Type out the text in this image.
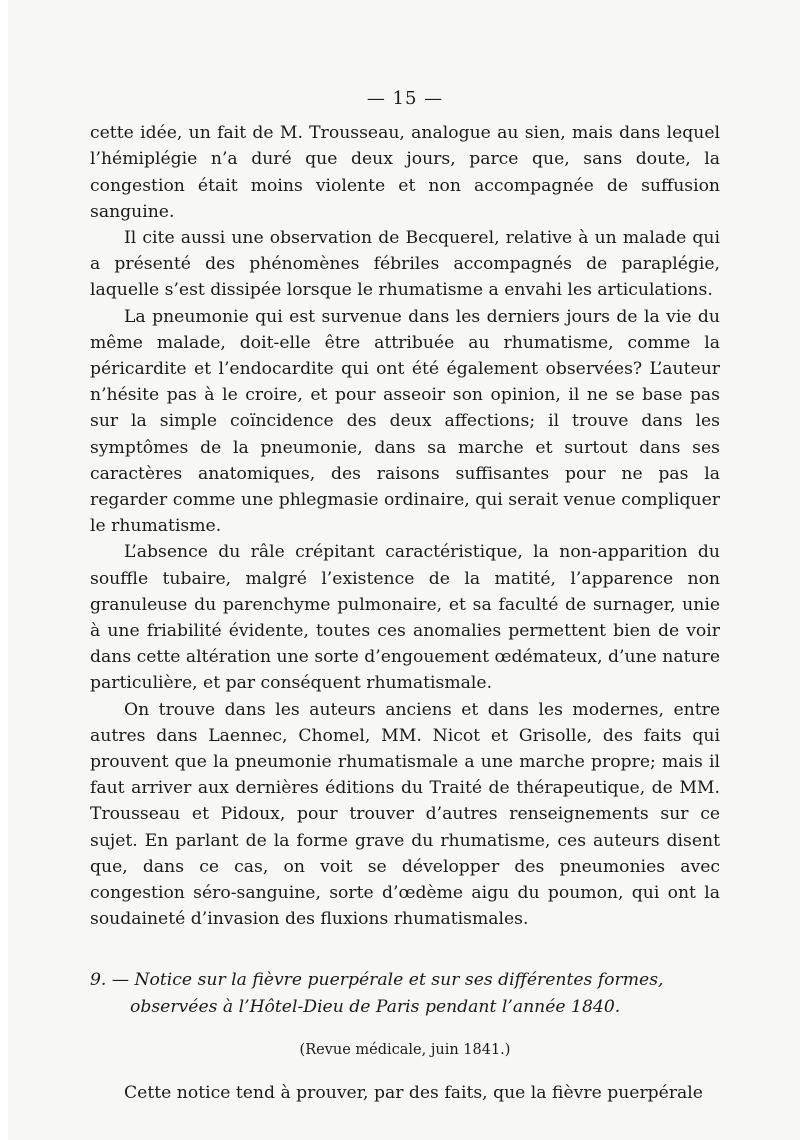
— 15 —

cette idée, un fait de M. Trousseau, analogue au sien, mais dans lequel l’hémiplégie n’a duré que deux jours, parce que, sans doute, la congestion était moins violente et non accompagnée de suffusion sanguine.

Il cite aussi une observation de Becquerel, relative à un malade qui a présenté des phénomènes fébriles accompagnés de paraplégie, laquelle s’est dissipée lorsque le rhumatisme a envahi les articulations.

La pneumonie qui est survenue dans les derniers jours de la vie du même malade, doit-elle être attribuée au rhumatisme, comme la péricardite et l’endocardite qui ont été également observées? L’auteur n’hésite pas à le croire, et pour asseoir son opinion, il ne se base pas sur la simple coïncidence des deux affections; il trouve dans les symptômes de la pneumonie, dans sa marche et surtout dans ses caractères anatomiques, des raisons suffisantes pour ne pas la regarder comme une phlegmasie ordinaire, qui serait venue compliquer le rhumatisme.

L’absence du râle crépitant caractéristique, la non-apparition du souffle tubaire, malgré l’existence de la matité, l’apparence non granuleuse du parenchyme pulmonaire, et sa faculté de surnager, unie à une friabilité évidente, toutes ces anomalies permettent bien de voir dans cette altération une sorte d’engouement œdémateux, d’une nature particulière, et par conséquent rhumatismale.

On trouve dans les auteurs anciens et dans les modernes, entre autres dans Laennec, Chomel, MM. Nicot et Grisolle, des faits qui prouvent que la pneumonie rhumatismale a une marche propre; mais il faut arriver aux dernières éditions du Traité de thérapeutique, de MM. Trousseau et Pidoux, pour trouver d’autres renseignements sur ce sujet. En parlant de la forme grave du rhumatisme, ces auteurs disent que, dans ce cas, on voit se développer des pneumonies avec congestion séro-sanguine, sorte d’œdème aigu du poumon, qui ont la soudaineté d’invasion des fluxions rhumatismales.

9. — Notice sur la fièvre puerpérale et sur ses différentes formes,

observées à l’Hôtel-Dieu de Paris pendant l’année 1840.

(Revue médicale, juin 1841.)

Cette notice tend à prouver, par des faits, que la fièvre puerpérale
